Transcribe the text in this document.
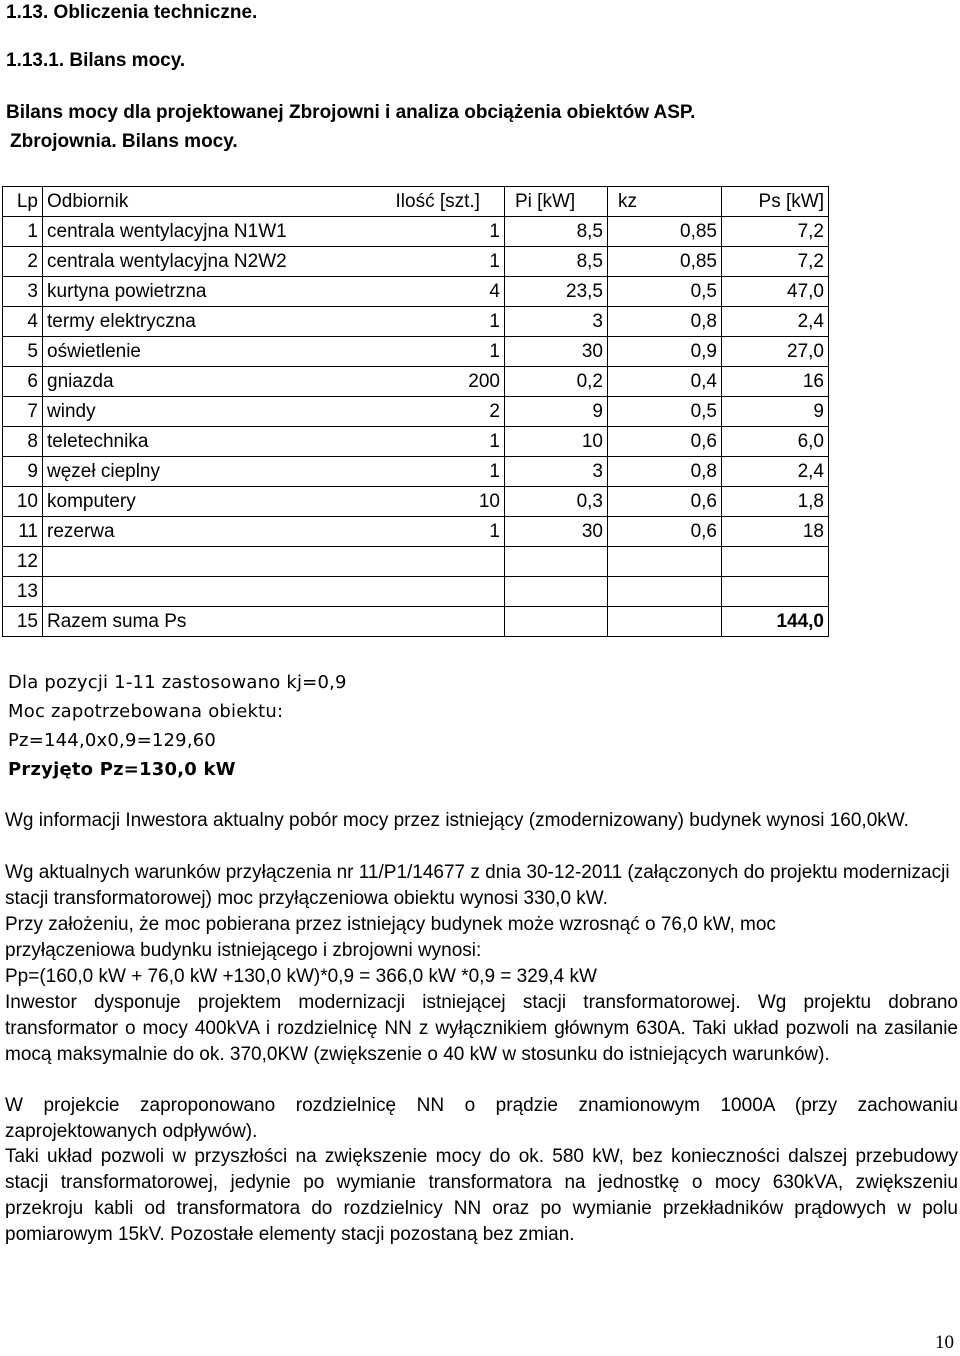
1.13. Obliczenia techniczne.
1.13.1. Bilans mocy.
Bilans mocy dla projektowanej Zbrojowni i analiza obciążenia obiektów ASP.
Zbrojownia. Bilans mocy.
Lp	Odbiornik	Ilość [szt.]	Pi [kW]	kz	Ps [kW]
1	centrala wentylacyjna N1W1	1	8,5	0,85	7,2
2	centrala wentylacyjna N2W2	1	8,5	0,85	7,2
3	kurtyna powietrzna	4	23,5	0,5	47,0
4	termy elektryczna	1	3	0,8	2,4
5	oświetlenie	1	30	0,9	27,0
6	gniazda	200	0,2	0,4	16
7	windy	2	9	0,5	9
8	teletechnika	1	10	0,6	6,0
9	węzeł cieplny	1	3	0,8	2,4
10	komputery	10	0,3	0,6	1,8
11	rezerwa	1	30	0,6	18
12					
13					
15	Razem suma Ps				144,0
Dla pozycji 1-11 zastosowano kj=0,9
Moc zapotrzebowana obiektu:
Pz=144,0x0,9=129,60
Przyjęto Pz=130,0 kW
Wg informacji Inwestora aktualny pobór mocy przez istniejący (zmodernizowany) budynek wynosi 160,0kW.
Wg aktualnych warunków przyłączenia nr 11/P1/14677 z dnia 30-12-2011 (załączonych do projektu modernizacji stacji transformatorowej) moc przyłączeniowa obiektu wynosi 330,0 kW.
Przy założeniu, że moc pobierana przez istniejący budynek może wzrosnąć o 76,0 kW, moc
przyłączeniowa budynku istniejącego i zbrojowni wynosi:
Pp=(160,0 kW + 76,0 kW +130,0 kW)*0,9 = 366,0 kW *0,9 = 329,4 kW
Inwestor dysponuje projektem modernizacji istniejącej stacji transformatorowej. Wg projektu dobrano transformator o mocy 400kVA i rozdzielnicę NN z wyłącznikiem głównym 630A. Taki układ pozwoli na zasilanie mocą maksymalnie do ok. 370,0KW (zwiększenie o 40 kW w stosunku do istniejących warunków).
W projekcie zaproponowano rozdzielnicę NN o prądzie znamionowym 1000A (przy zachowaniu zaprojektowanych odpływów).
Taki układ pozwoli w przyszłości na zwiększenie mocy do ok. 580 kW, bez konieczności dalszej przebudowy stacji transformatorowej, jedynie po wymianie transformatora na jednostkę o mocy 630kVA, zwiększeniu przekroju kabli od transformatora do rozdzielnicy NN oraz po wymianie przekładników prądowych w polu pomiarowym 15kV. Pozostałe elementy stacji pozostaną bez zmian.
10
